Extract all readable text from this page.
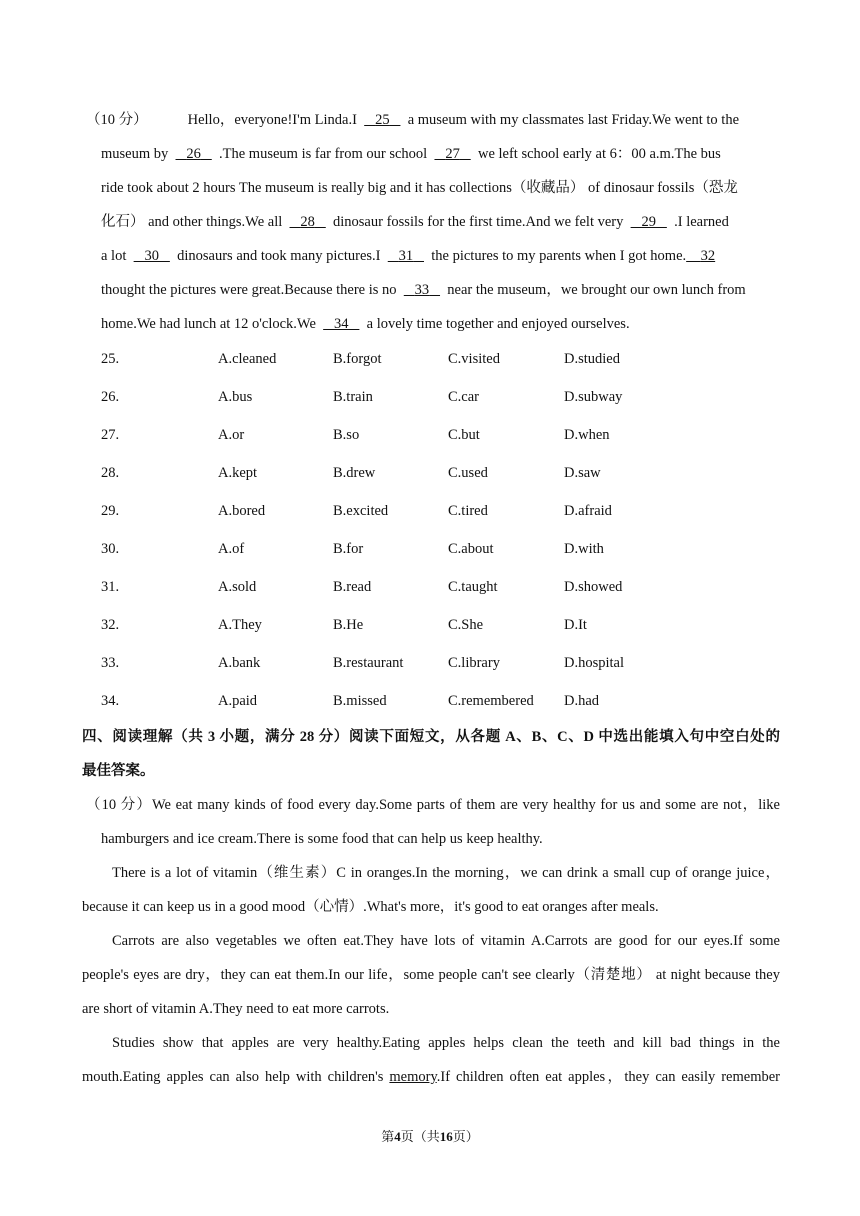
（10 分）	Hello，everyone!I'm Linda.I 25 a museum with my classmates last Friday.We went to the
museum by 26 .The museum is far from our school 27 we left school early at 6：00 a.m.The bus
ride took about 2 hours The museum is really big and it has collections（收藏品） of dinosaur fossils（恐龙
化石） and other things.We all 28 dinosaur fossils for the first time.And we felt very 29 .I learned
a lot 30 dinosaurs and took many pictures.I 31 the pictures to my parents when I got home. 32
thought the pictures were great.Because there is no 33 near the museum，we brought our own lunch from
home.We had lunch at 12 o'clock.We 34 a lovely time together and enjoyed ourselves.
25.	A.cleaned	B.forgot	C.visited	D.studied
26.	A.bus	B.train	C.car	D.subway
27.	A.or	B.so	C.but	D.when
28.	A.kept	B.drew	C.used	D.saw
29.	A.bored	B.excited	C.tired	D.afraid
30.	A.of	B.for	C.about	D.with
31.	A.sold	B.read	C.taught	D.showed
32.	A.They	B.He	C.She	D.It
33.	A.bank	B.restaurant	C.library	D.hospital
34.	A.paid	B.missed	C.remembered D.had
四、阅读理解（共 3 小题，满分 28 分）阅读下面短文，从各题 A、B、C、D 中选出能填入句中空白处的
最佳答案。
（10 分）We eat many kinds of food every day.Some parts of them are very healthy for us and some are not，like
hamburgers and ice cream.There is some food that can help us keep healthy.
There is a lot of vitamin（维生素）C in oranges.In the morning，we can drink a small cup of orange juice，
because it can keep us in a good mood（心情）.What's more，it's good to eat oranges after meals.
Carrots are also vegetables we often eat.They have lots of vitamin A.Carrots are good for our eyes.If some
people's eyes are dry，they can eat them.In our life，some people can't see clearly（清楚地） at night because they
are short of vitamin A.They need to eat more carrots.
Studies show that apples are very healthy.Eating apples helps clean the teeth and kill bad things in the
mouth.Eating apples can also help with children's memory.If children often eat apples，they can easily remember
第4页（共16页）
